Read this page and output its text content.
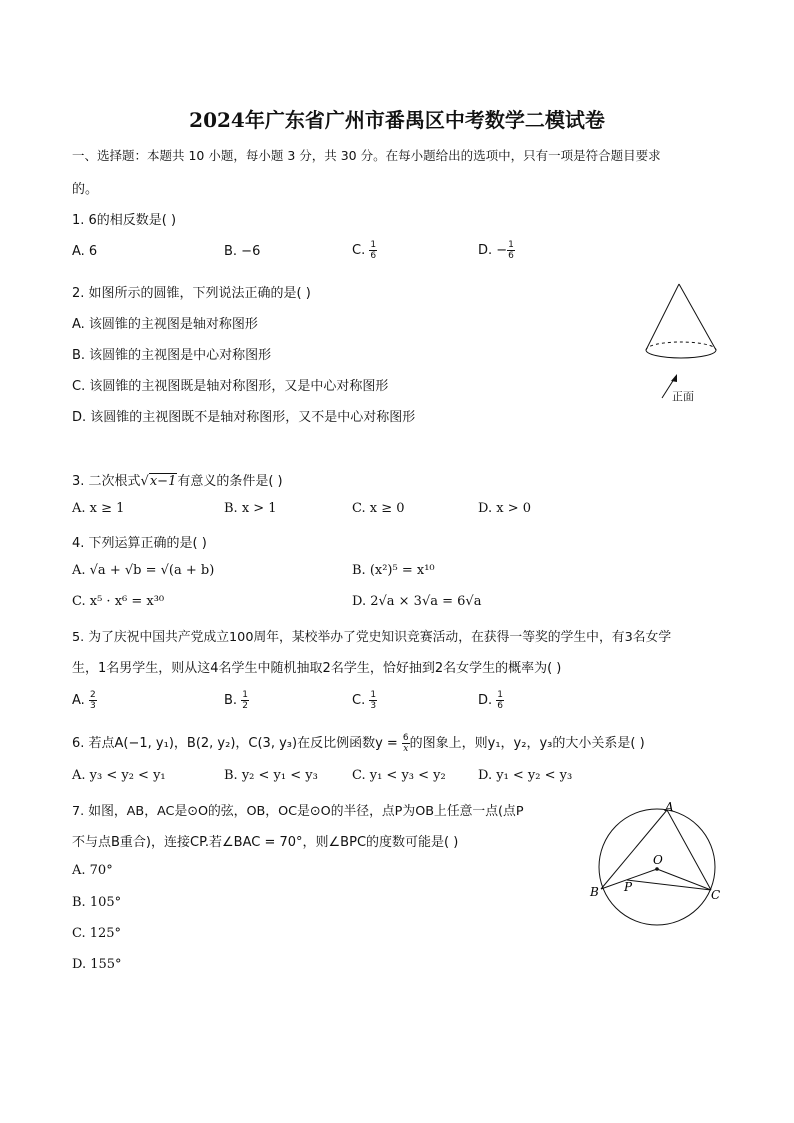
2024年广东省广州市番禺区中考数学二模试卷
一、选择题：本题共 10 小题，每小题 3 分，共 30 分。在每小题给出的选项中，只有一项是符合题目要求
的。
1. 6的相反数是( )
A. 6	B. −6	C. $\frac{1}{6}$	D. − $\frac{1}{6}$
2. 如图所示的圆锥，下列说法正确的是( )
A. 该圆锥的主视图是轴对称图形
B. 该圆锥的主视图是中心对称图形
C. 该圆锥的主视图既是轴对称图形，又是中心对称图形
D. 该圆锥的主视图既不是轴对称图形，又不是中心对称图形
正面
3. 二次根式√x−1有意义的条件是( )
A. x ≥ 1	B. x > 1	C. x ≥ 0	D. x > 0
4. 下列运算正确的是( )
A. √a + √b = √(a + b)	B. (x²)⁵ = x¹⁰
C. x⁵ · x⁶ = x³⁰	D. 2√a × 3√a = 6√a
5. 为了庆祝中国共产党成立100周年，某校举办了党史知识竞赛活动，在获得一等奖的学生中，有3名女学
生，1名男学生，则从这4名学生中随机抽取2名学生，恰好抽到2名女学生的概率为( )
A. $\frac{2}{3}$	B. $\frac{1}{2}$	C. $\frac{1}{3}$	D. $\frac{1}{6}$
6. 若点A(−1, y₁)，B(2, y₂)，C(3, y₃)在反比例函数$y = \frac{6}{x}$ 的图象上，则y₁，y₂，y₃的大小关系是( )
A. y₃ < y₂ < y₁	B. y₂ < y₁ < y₃	C. y₁ < y₃ < y₂ D. y₁ < y₂ < y₃
7. 如图，AB，AC是⊙O的弦，OB，OC是⊙O的半径，点P为OB上任意一点(点P
不与点B重合)，连接CP.若∠BAC = 70°，则∠BPC的度数可能是( )
A. 70°
B. 105°
C. 125°
D. 155°
A
O
P
B	C
